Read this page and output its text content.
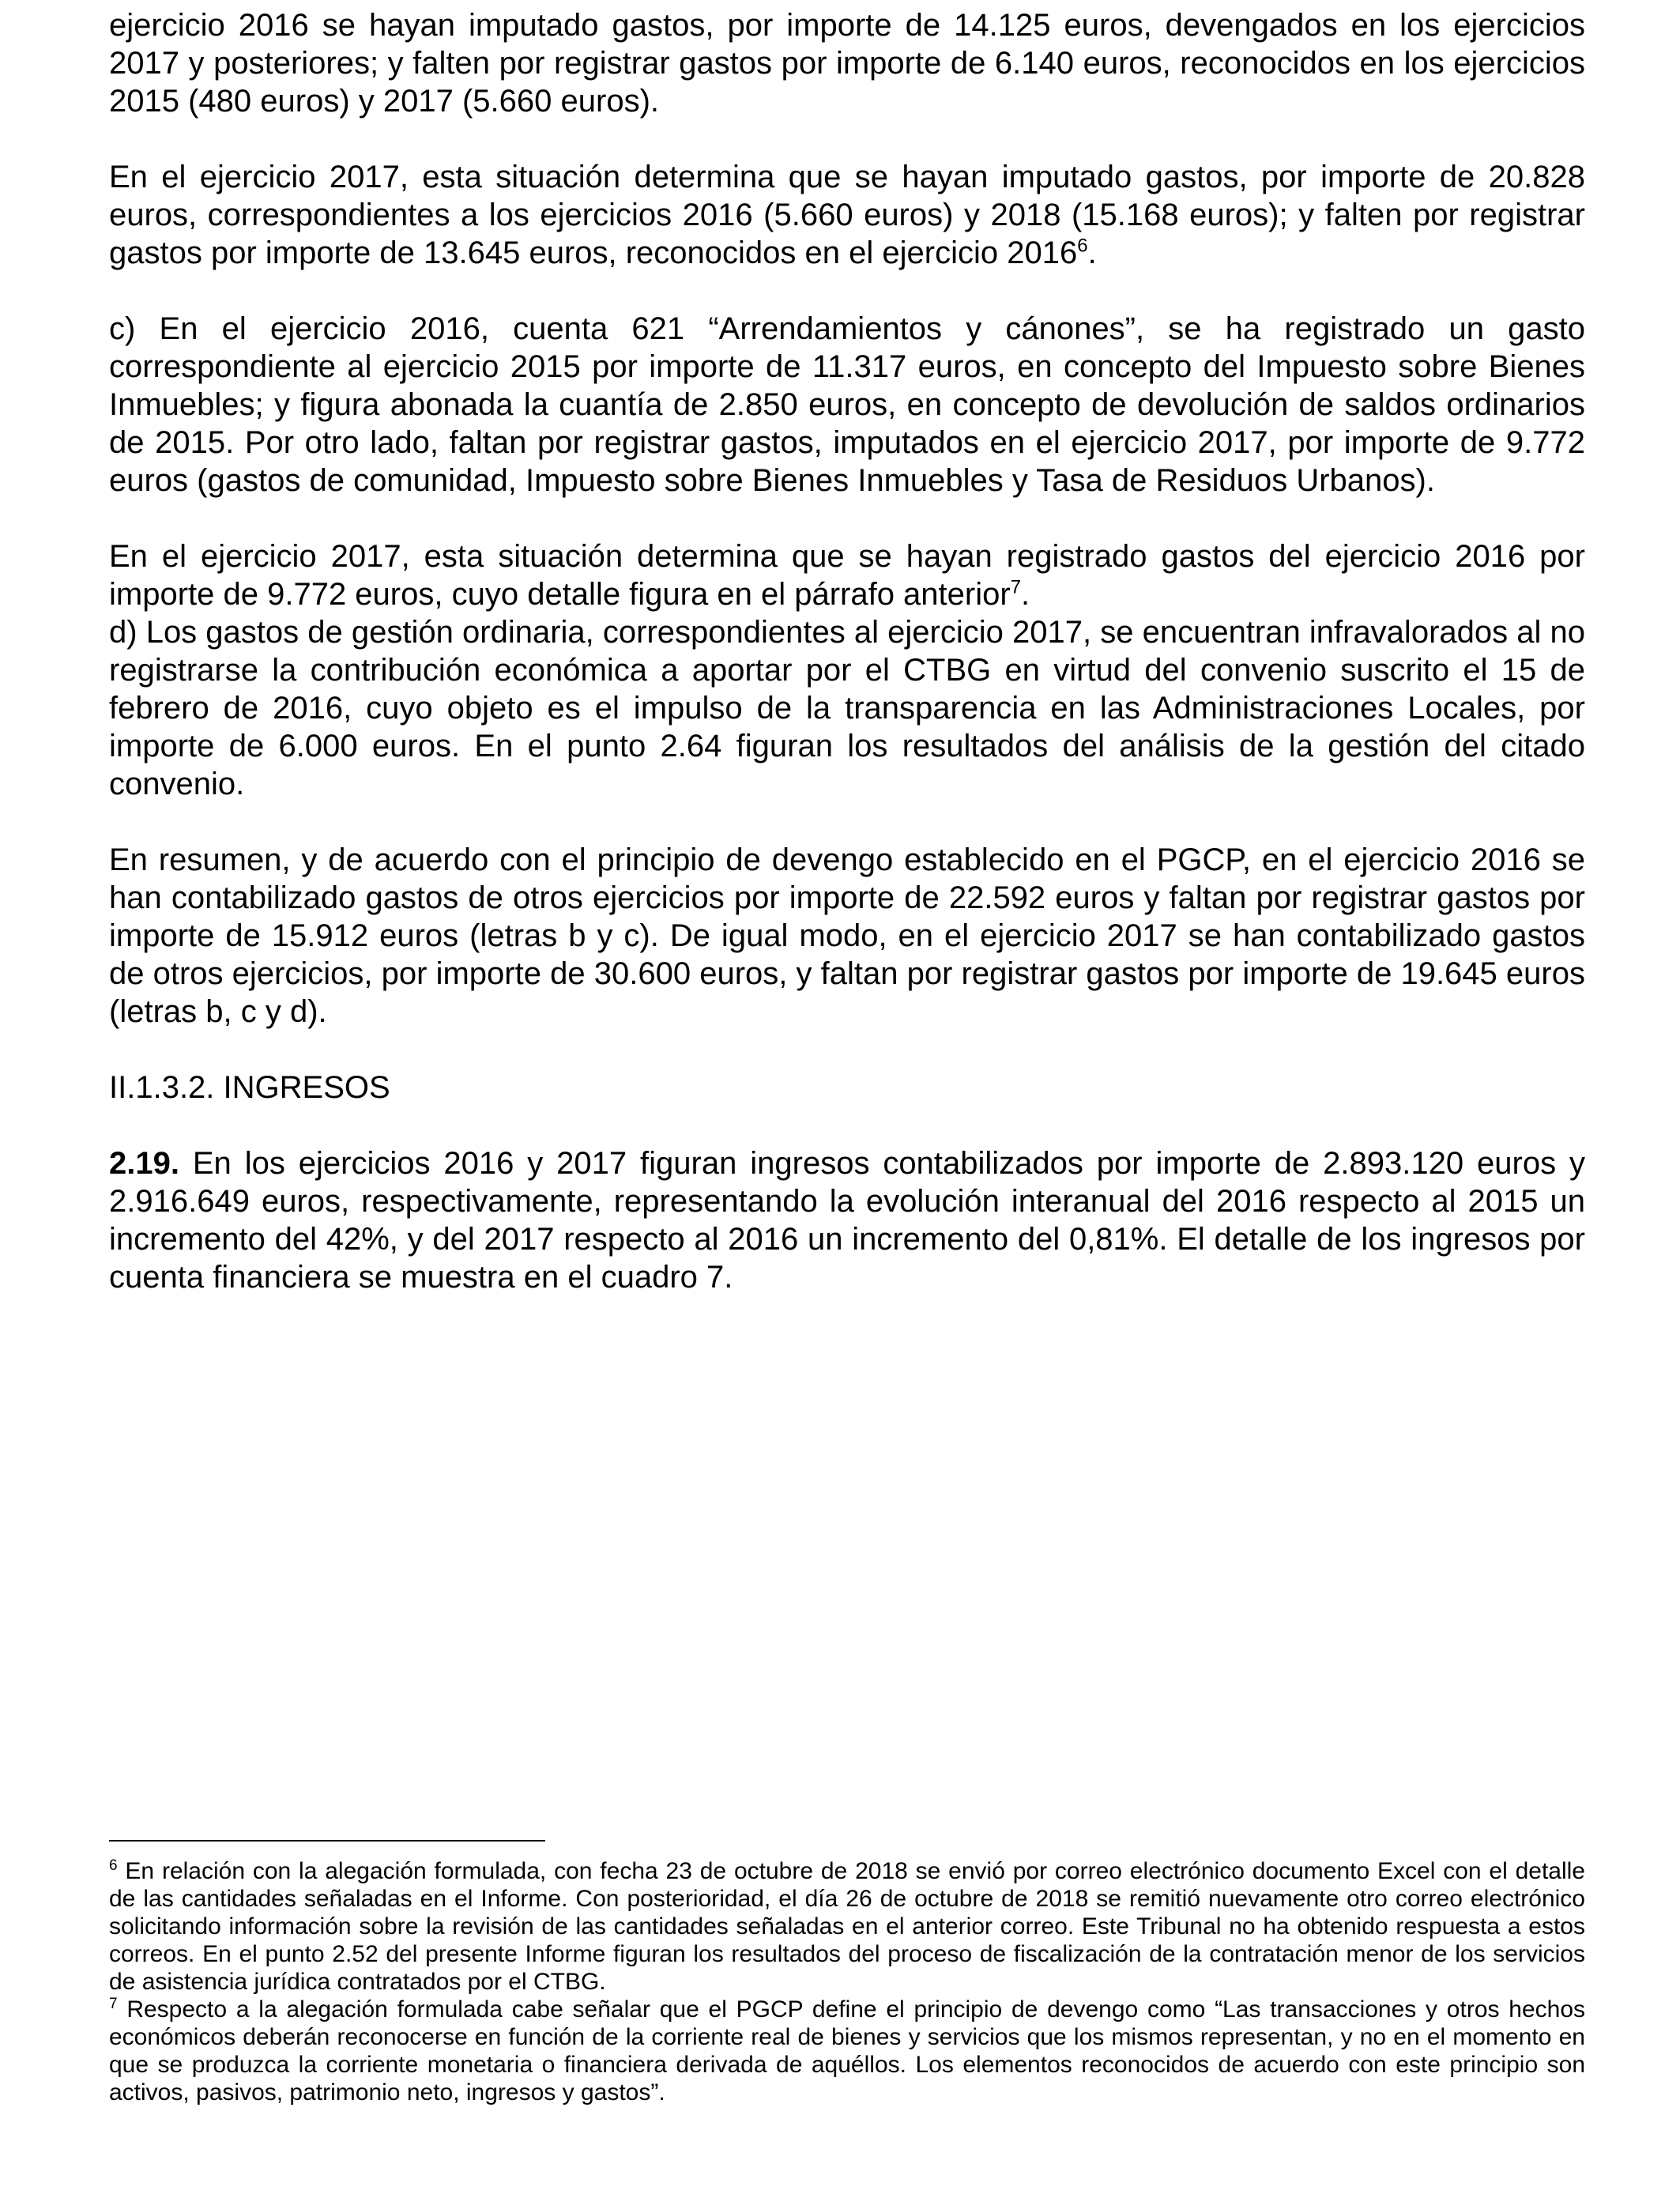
ejercicio 2016 se hayan imputado gastos, por importe de 14.125 euros, devengados en los ejercicios 2017 y posteriores; y falten por registrar gastos por importe de 6.140 euros, reconocidos en los ejercicios 2015 (480 euros) y 2017 (5.660 euros).

En el ejercicio 2017, esta situación determina que se hayan imputado gastos, por importe de 20.828 euros, correspondientes a los ejercicios 2016 (5.660 euros) y 2018 (15.168 euros); y falten por registrar gastos por importe de 13.645 euros, reconocidos en el ejercicio 2016$^6$.

c) En el ejercicio 2016, cuenta 621 “Arrendamientos y cánones”, se ha registrado un gasto correspondiente al ejercicio 2015 por importe de 11.317 euros, en concepto del Impuesto sobre Bienes Inmuebles; y figura abonada la cuantía de 2.850 euros, en concepto de devolución de saldos ordinarios de 2015. Por otro lado, faltan por registrar gastos, imputados en el ejercicio 2017, por importe de 9.772 euros (gastos de comunidad, Impuesto sobre Bienes Inmuebles y Tasa de Residuos Urbanos).

En el ejercicio 2017, esta situación determina que se hayan registrado gastos del ejercicio 2016 por importe de 9.772 euros, cuyo detalle figura en el párrafo anterior$^7$.

d) Los gastos de gestión ordinaria, correspondientes al ejercicio 2017, se encuentran infravalorados al no registrarse la contribución económica a aportar por el CTBG en virtud del convenio suscrito el 15 de febrero de 2016, cuyo objeto es el impulso de la transparencia en las Administraciones Locales, por importe de 6.000 euros. En el punto 2.64 figuran los resultados del análisis de la gestión del citado convenio.

En resumen, y de acuerdo con el principio de devengo establecido en el PGCP, en el ejercicio 2016 se han contabilizado gastos de otros ejercicios por importe de 22.592 euros y faltan por registrar gastos por importe de 15.912 euros (letras b y c). De igual modo, en el ejercicio 2017 se han contabilizado gastos de otros ejercicios, por importe de 30.600 euros, y faltan por registrar gastos por importe de 19.645 euros (letras b, c y d).

II.1.3.2. INGRESOS

2.19. En los ejercicios 2016 y 2017 figuran ingresos contabilizados por importe de 2.893.120 euros y 2.916.649 euros, respectivamente, representando la evolución interanual del 2016 respecto al 2015 un incremento del 42%, y del 2017 respecto al 2016 un incremento del 0,81%. El detalle de los ingresos por cuenta financiera se muestra en el cuadro 7.

$^6$ En relación con la alegación formulada, con fecha 23 de octubre de 2018 se envió por correo electrónico documento Excel con el detalle de las cantidades señaladas en el Informe. Con posterioridad, el día 26 de octubre de 2018 se remitió nuevamente otro correo electrónico solicitando información sobre la revisión de las cantidades señaladas en el anterior correo. Este Tribunal no ha obtenido respuesta a estos correos. En el punto 2.52 del presente Informe figuran los resultados del proceso de fiscalización de la contratación menor de los servicios de asistencia jurídica contratados por el CTBG.

$^7$ Respecto a la alegación formulada cabe señalar que el PGCP define el principio de devengo como “Las transacciones y otros hechos económicos deberán reconocerse en función de la corriente real de bienes y servicios que los mismos representan, y no en el momento en que se produzca la corriente monetaria o financiera derivada de aquéllos. Los elementos reconocidos de acuerdo con este principio son activos, pasivos, patrimonio neto, ingresos y gastos”.
